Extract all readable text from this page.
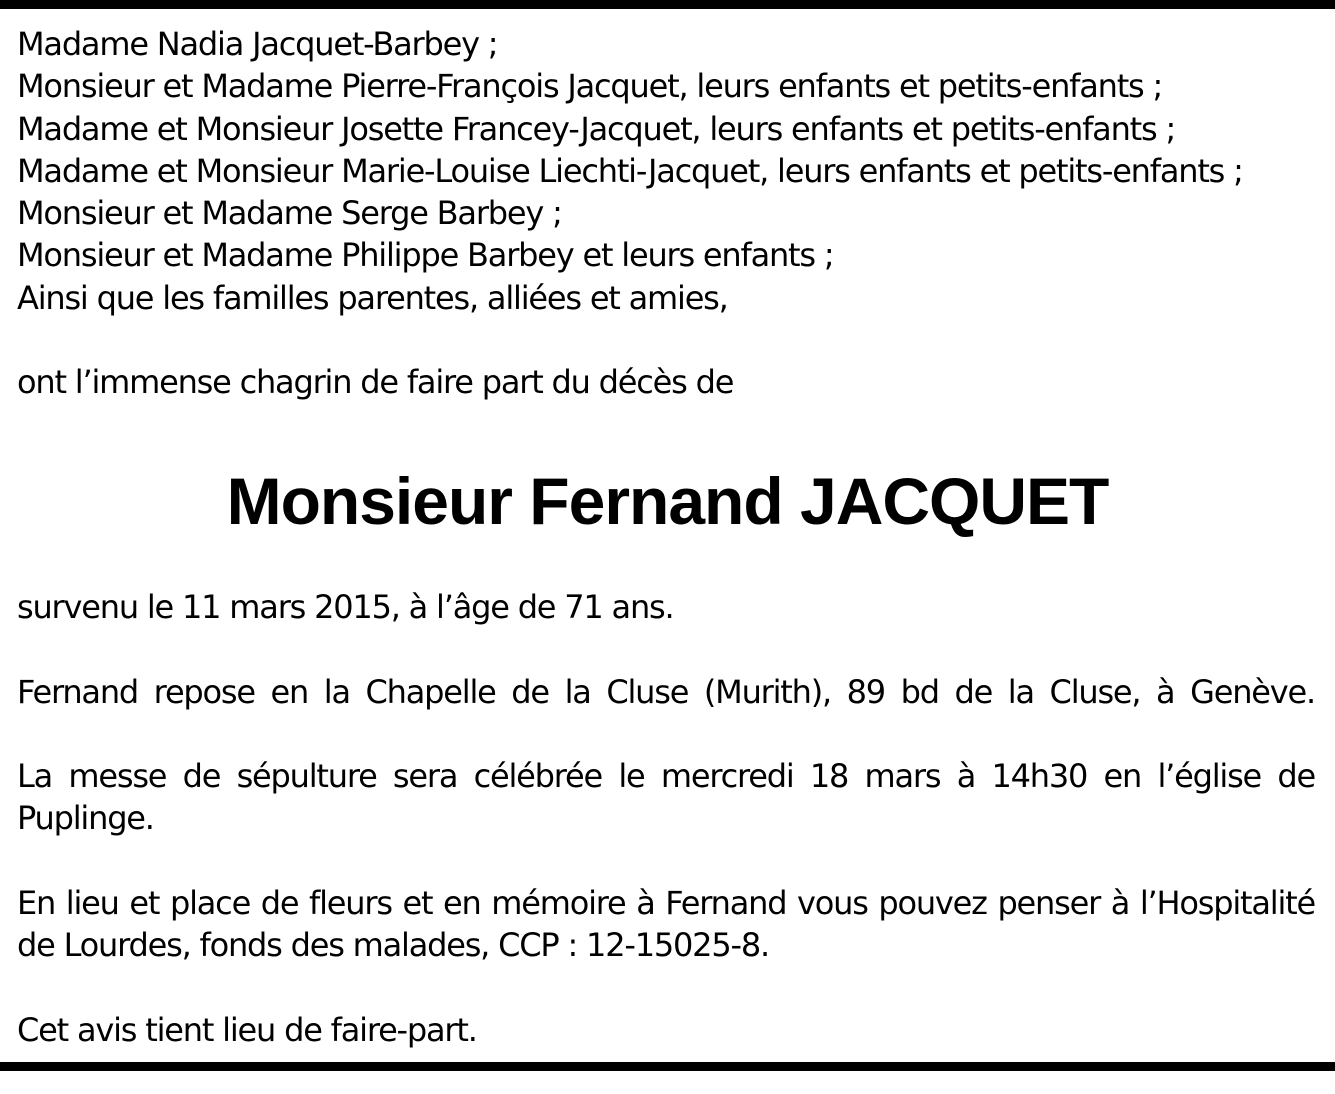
Madame Nadia Jacquet-Barbey ;
Monsieur et Madame Pierre-François Jacquet, leurs enfants et petits-enfants ;
Madame et Monsieur Josette Francey-Jacquet, leurs enfants et petits-enfants ;
Madame et Monsieur Marie-Louise Liechti-Jacquet, leurs enfants et petits-enfants ;
Monsieur et Madame Serge Barbey ;
Monsieur et Madame Philippe Barbey et leurs enfants ;
Ainsi que les familles parentes, alliées et amies,
ont l’immense chagrin de faire part du décès de
Monsieur Fernand JACQUET
survenu le 11 mars 2015, à l’âge de 71 ans.
Fernand repose en la Chapelle de la Cluse (Murith), 89 bd de la Cluse, à Genève.
La messe de sépulture sera célébrée le mercredi 18 mars à 14h30 en l’église de
Puplinge.
En lieu et place de fleurs et en mémoire à Fernand vous pouvez penser à l’Hospitalité
de Lourdes, fonds des malades, CCP : 12-15025-8.
Cet avis tient lieu de faire-part.
